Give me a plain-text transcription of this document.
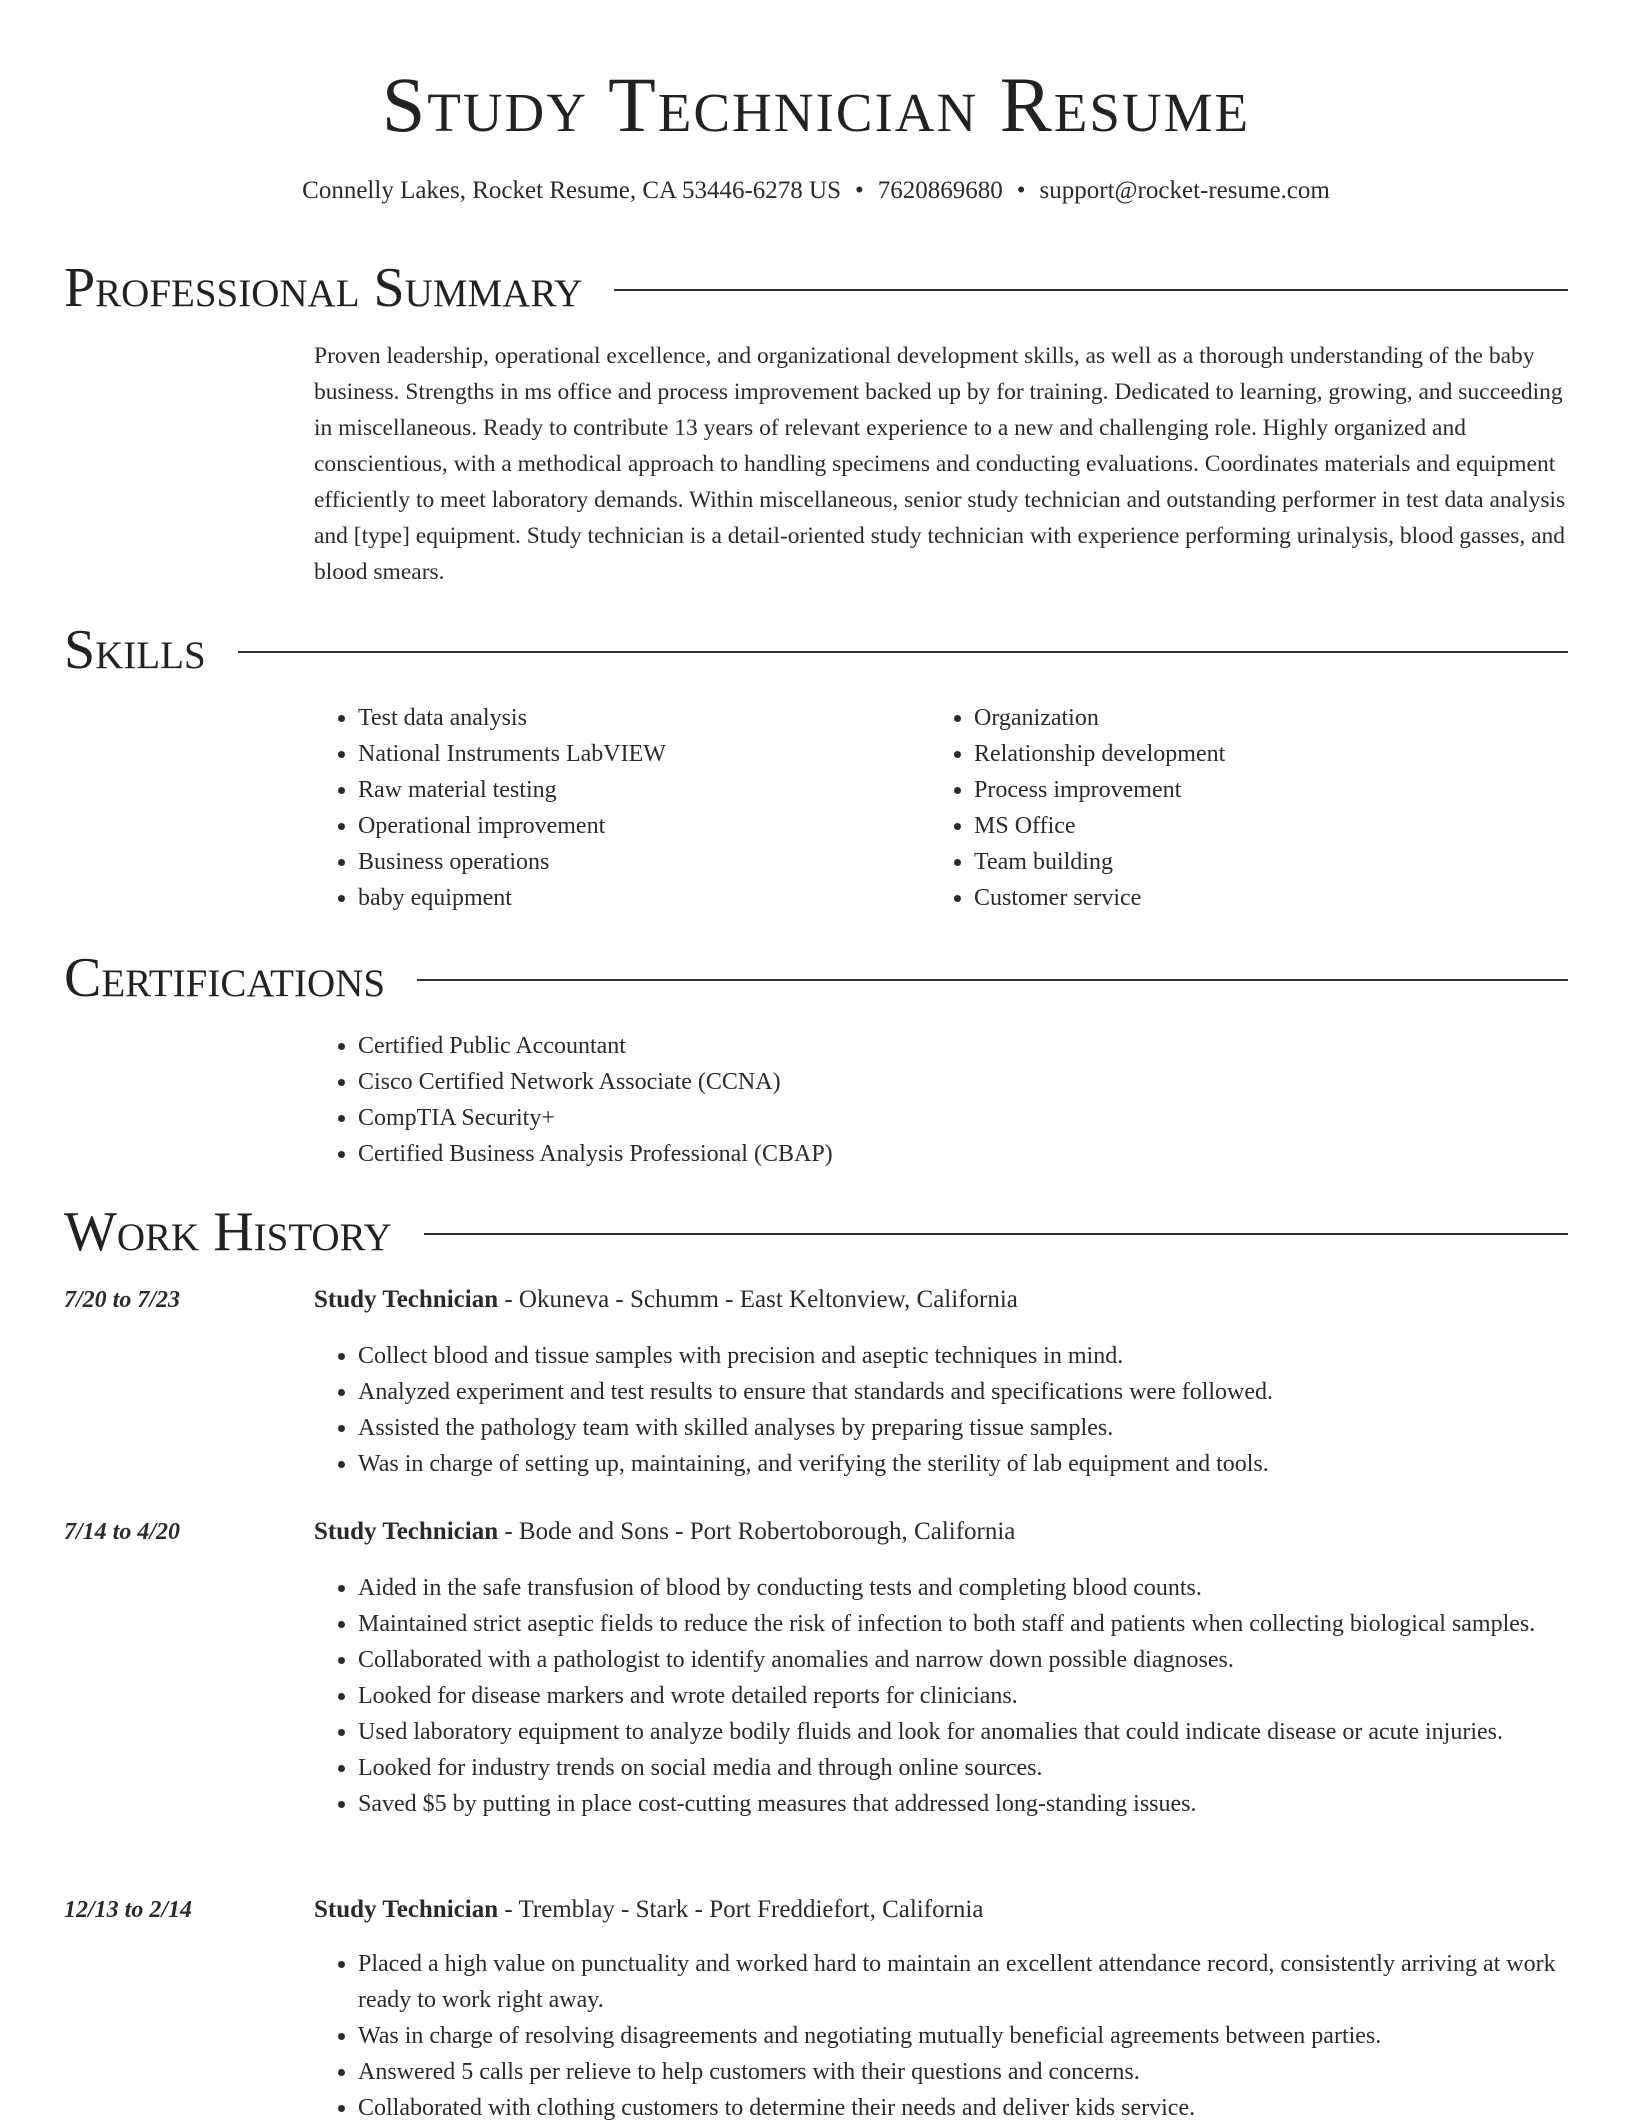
Study Technician Resume
Connelly Lakes, Rocket Resume, CA 53446-6278 US • 7620869680 • support@rocket-resume.com
Professional Summary

Proven leadership, operational excellence, and organizational development skills, as well as a thorough understanding of the baby business. Strengths in ms office and process improvement backed up by for training. Dedicated to learning, growing, and succeeding in miscellaneous. Ready to contribute 13 years of relevant experience to a new and challenging role. Highly organized and conscientious, with a methodical approach to handling specimens and conducting evaluations. Coordinates materials and equipment efficiently to meet laboratory demands. Within miscellaneous, senior study technician and outstanding performer in test data analysis and [type] equipment. Study technician is a detail-oriented study technician with experience performing urinalysis, blood gasses, and blood smears.

Skills
• Test data analysis
• National Instruments LabVIEW
• Raw material testing
• Operational improvement
• Business operations
• baby equipment
• Organization
• Relationship development
• Process improvement
• MS Office
• Team building
• Customer service
Certifications
• Certified Public Accountant
• Cisco Certified Network Associate (CCNA)
• CompTIA Security+
• Certified Business Analysis Professional (CBAP)
Work History
7/20 to 7/23	Study Technician - Okuneva - Schumm - East Keltonview, California
• Collect blood and tissue samples with precision and aseptic techniques in mind.
• Analyzed experiment and test results to ensure that standards and specifications were followed.
• Assisted the pathology team with skilled analyses by preparing tissue samples.
• Was in charge of setting up, maintaining, and verifying the sterility of lab equipment and tools.
7/14 to 4/20	Study Technician - Bode and Sons - Port Robertoborough, California
• Aided in the safe transfusion of blood by conducting tests and completing blood counts.
• Maintained strict aseptic fields to reduce the risk of infection to both staff and patients when collecting biological samples.
• Collaborated with a pathologist to identify anomalies and narrow down possible diagnoses.
• Looked for disease markers and wrote detailed reports for clinicians.
• Used laboratory equipment to analyze bodily fluids and look for anomalies that could indicate disease or acute injuries.
• Looked for industry trends on social media and through online sources.
• Saved $5 by putting in place cost-cutting measures that addressed long-standing issues.
12/13 to 2/14	Study Technician - Tremblay - Stark - Port Freddiefort, California
• Placed a high value on punctuality and worked hard to maintain an excellent attendance record, consistently arriving at work ready to work right away.
• Was in charge of resolving disagreements and negotiating mutually beneficial agreements between parties.
• Answered 5 calls per relieve to help customers with their questions and concerns.
• Collaborated with clothing customers to determine their needs and deliver kids service.
